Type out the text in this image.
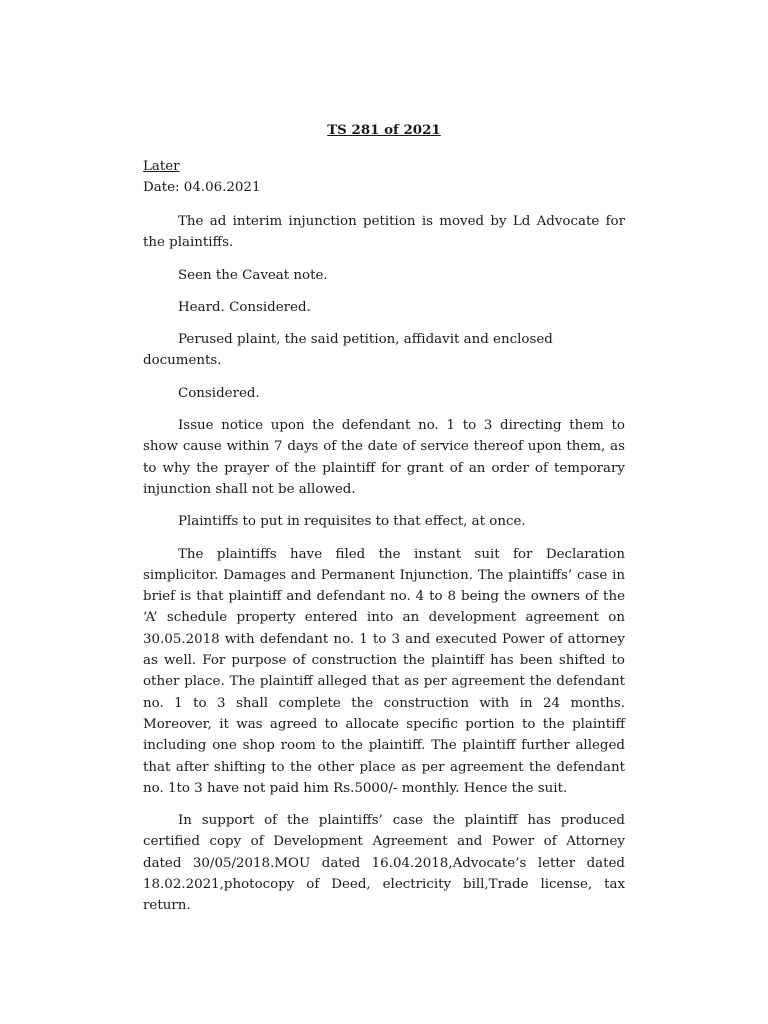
TS 281 of 2021
Later
Date: 04.06.2021

The ad interim injunction petition is moved by Ld Advocate for the plaintiffs.

Seen the Caveat note.

Heard. Considered.

Perused plaint, the said petition, affidavit and enclosed documents.

Considered.

Issue notice upon the defendant no. 1 to 3 directing them to show cause within 7 days of the date of service thereof upon them, as to why the prayer of the plaintiff for grant of an order of temporary injunction shall not be allowed.

Plaintiffs to put in requisites to that effect, at once.

The plaintiffs have filed the instant suit for Declaration simplicitor. Damages and Permanent Injunction. The plaintiffs’ case in brief is that plaintiff and defendant no. 4 to 8 being the owners of the ‘A’ schedule property entered into an development agreement on 30.05.2018 with defendant no. 1 to 3 and executed Power of attorney as well. For purpose of construction the plaintiff has been shifted to other place. The plaintiff alleged that as per agreement the defendant no. 1 to 3 shall complete the construction with in 24 months. Moreover, it was agreed to allocate specific portion to the plaintiff including one shop room to the plaintiff. The plaintiff further alleged that after shifting to the other place as per agreement the defendant no. 1to 3 have not paid him Rs.5000/- monthly. Hence the suit.

In support of the plaintiffs’ case the plaintiff has produced certified copy of Development Agreement and Power of Attorney dated 30/05/2018.MOU dated 16.04.2018,Advocate’s letter dated 18.02.2021,photocopy of Deed, electricity bill,Trade license, tax return.
